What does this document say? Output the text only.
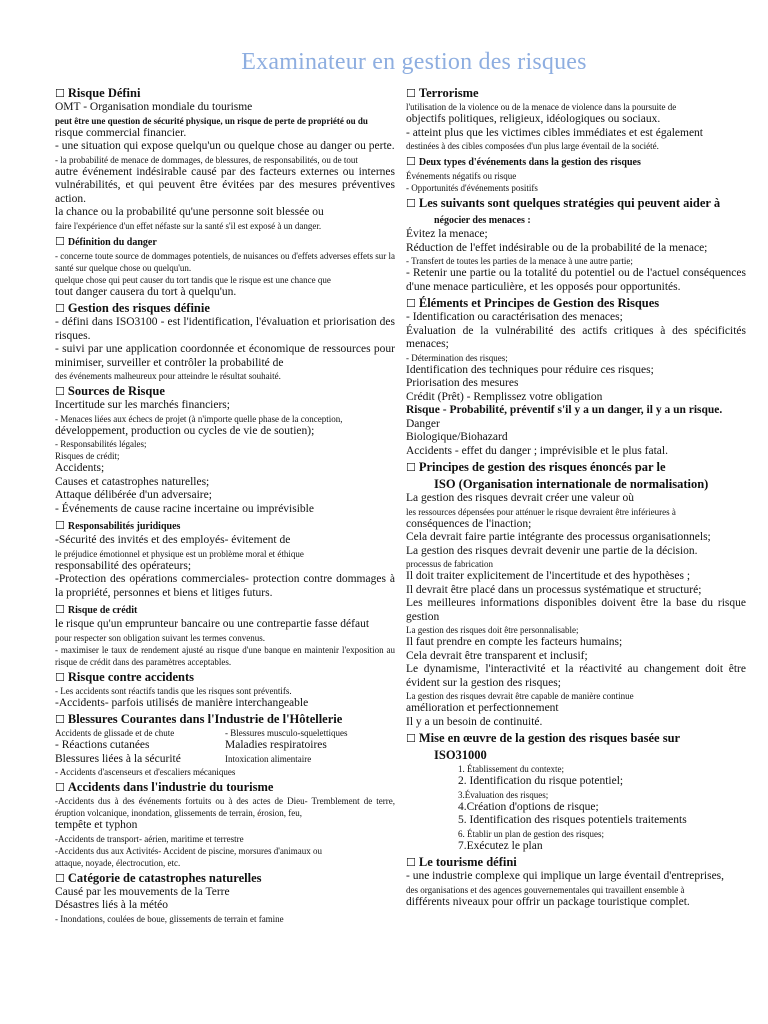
Examinateur en gestion des risques
☐ Risque Défini
OMT - Organisation mondiale du tourisme
peut être une question de sécurité physique, un risque de perte de propriété ou du
risque commercial financier.
- une situation qui expose quelqu'un ou quelque chose au danger ou perte.
- la probabilité de menace de dommages, de blessures, de responsabilités, ou de tout
autre événement indésirable causé par des facteurs externes ou internes vulnérabilités, et qui peuvent être évitées par des mesures préventives action.
la chance ou la probabilité qu'une personne soit blessée ou
faire l'expérience d'un effet néfaste sur la santé s'il est exposé à un danger.
☐ Définition du danger
- concerne toute source de dommages potentiels, de nuisances ou d'effets adverses effets sur la santé sur quelque chose ou quelqu'un.
quelque chose qui peut causer du tort tandis que le risque est une chance que
tout danger causera du tort à quelqu'un.
☐ Gestion des risques définie
- défini dans ISO3100 - est l'identification, l'évaluation et priorisation des risques.
- suivi par une application coordonnée et économique de ressources pour minimiser, surveiller et contrôler la probabilité de
des événements malheureux pour atteindre le résultat souhaité.
☐ Sources de Risque
Incertitude sur les marchés financiers;
- Menaces liées aux échecs de projet (à n'importe quelle phase de la conception,
développement, production ou cycles de vie de soutien);
- Responsabilités légales;
Risques de crédit;
Accidents;
Causes et catastrophes naturelles;
Attaque délibérée d'un adversaire;
- Événements de cause racine incertaine ou imprévisible
☐ Responsabilités juridiques
-Sécurité des invités et des employés- évitement de
le préjudice émotionnel et physique est un problème moral et éthique
responsabilité des opérateurs;
-Protection des opérations commerciales- protection contre dommages à la propriété, personnes et biens et litiges futurs.
☐ Risque de crédit
le risque qu'un emprunteur bancaire ou une contrepartie fasse défaut
pour respecter son obligation suivant les termes convenus.
- maximiser le taux de rendement ajusté au risque d'une banque en maintenir l'exposition au risque de crédit dans des paramètres acceptables.
☐ Risque contre accidents
- Les accidents sont réactifs tandis que les risques sont préventifs.
-Accidents- parfois utilisés de manière interchangeable
☐ Blessures Courantes dans l'Industrie de l'Hôtellerie
Accidents de glissade et de chute
- Réactions cutanées
Blessures liées à la sécurité
- Blessures musculo-squelettiques
Maladies respiratoires
Intoxication alimentaire
- Accidents d'ascenseurs et d'escaliers mécaniques
☐ Accidents dans l'industrie du tourisme
-Accidents dus à des événements fortuits ou à des actes de Dieu- Tremblement de terre, éruption volcanique, inondation, glissements de terrain, érosion, feu,
tempête et typhon
-Accidents de transport- aérien, maritime et terrestre
-Accidents dus aux Activités- Accident de piscine, morsures d'animaux ou
attaque, noyade, électrocution, etc.
☐ Catégorie de catastrophes naturelles
Causé par les mouvements de la Terre
Désastres liés à la météo
- Inondations, coulées de boue, glissements de terrain et famine
☐ Terrorisme
l'utilisation de la violence ou de la menace de violence dans la poursuite de
objectifs politiques, religieux, idéologiques ou sociaux.
- atteint plus que les victimes cibles immédiates et est également
destinées à des cibles composées d'un plus large éventail de la société.
☐ Deux types d'événements dans la gestion des risques
Événements négatifs ou risque
- Opportunités d'événements positifs
☐ Les suivants sont quelques stratégies qui peuvent aider à
négocier des menaces :
Évitez la menace;
Réduction de l'effet indésirable ou de la probabilité de la menace;
- Transfert de toutes les parties de la menace à une autre partie;
- Retenir une partie ou la totalité du potentiel ou de l'actuel conséquences d'une menace particulière, et les opposés pour opportunités.
☐ Éléments et Principes de Gestion des Risques
- Identification ou caractérisation des menaces;
Évaluation de la vulnérabilité des actifs critiques à des spécificités menaces;
- Détermination des risques;
Identification des techniques pour réduire ces risques;
Priorisation des mesures
Crédit (Prêt) - Remplissez votre obligation
Risque - Probabilité, préventif s'il y a un danger, il y a un risque.
Danger
Biologique/Biohazard
Accidents - effet du danger ; imprévisible et le plus fatal.
☐ Principes de gestion des risques énoncés par le
ISO (Organisation internationale de normalisation)
La gestion des risques devrait créer une valeur où
les ressources dépensées pour atténuer le risque devraient être inférieures à
conséquences de l'inaction;
Cela devrait faire partie intégrante des processus organisationnels;
La gestion des risques devrait devenir une partie de la décision.
processus de fabrication
Il doit traiter explicitement de l'incertitude et des hypothèses ;
Il devrait être placé dans un processus systématique et structuré;
Les meilleures informations disponibles doivent être la base du risque gestion
La gestion des risques doit être personnalisable;
Il faut prendre en compte les facteurs humains;
Cela devrait être transparent et inclusif;
Le dynamisme, l'interactivité et la réactivité au changement doit être évident sur la gestion des risques;
La gestion des risques devrait être capable de manière continue
amélioration et perfectionnement
Il y a un besoin de continuité.
☐ Mise en œuvre de la gestion des risques basée sur
ISO31000
1. Établissement du contexte;
2. Identification du risque potentiel;
3.Évaluation des risques;
4.Création d'options de risque;
5. Identification des risques potentiels traitements
6. Établir un plan de gestion des risques;
7.Exécutez le plan
☐ Le tourisme défini
- une industrie complexe qui implique un large éventail d'entreprises,
des organisations et des agences gouvernementales qui travaillent ensemble à
différents niveaux pour offrir un package touristique complet.
